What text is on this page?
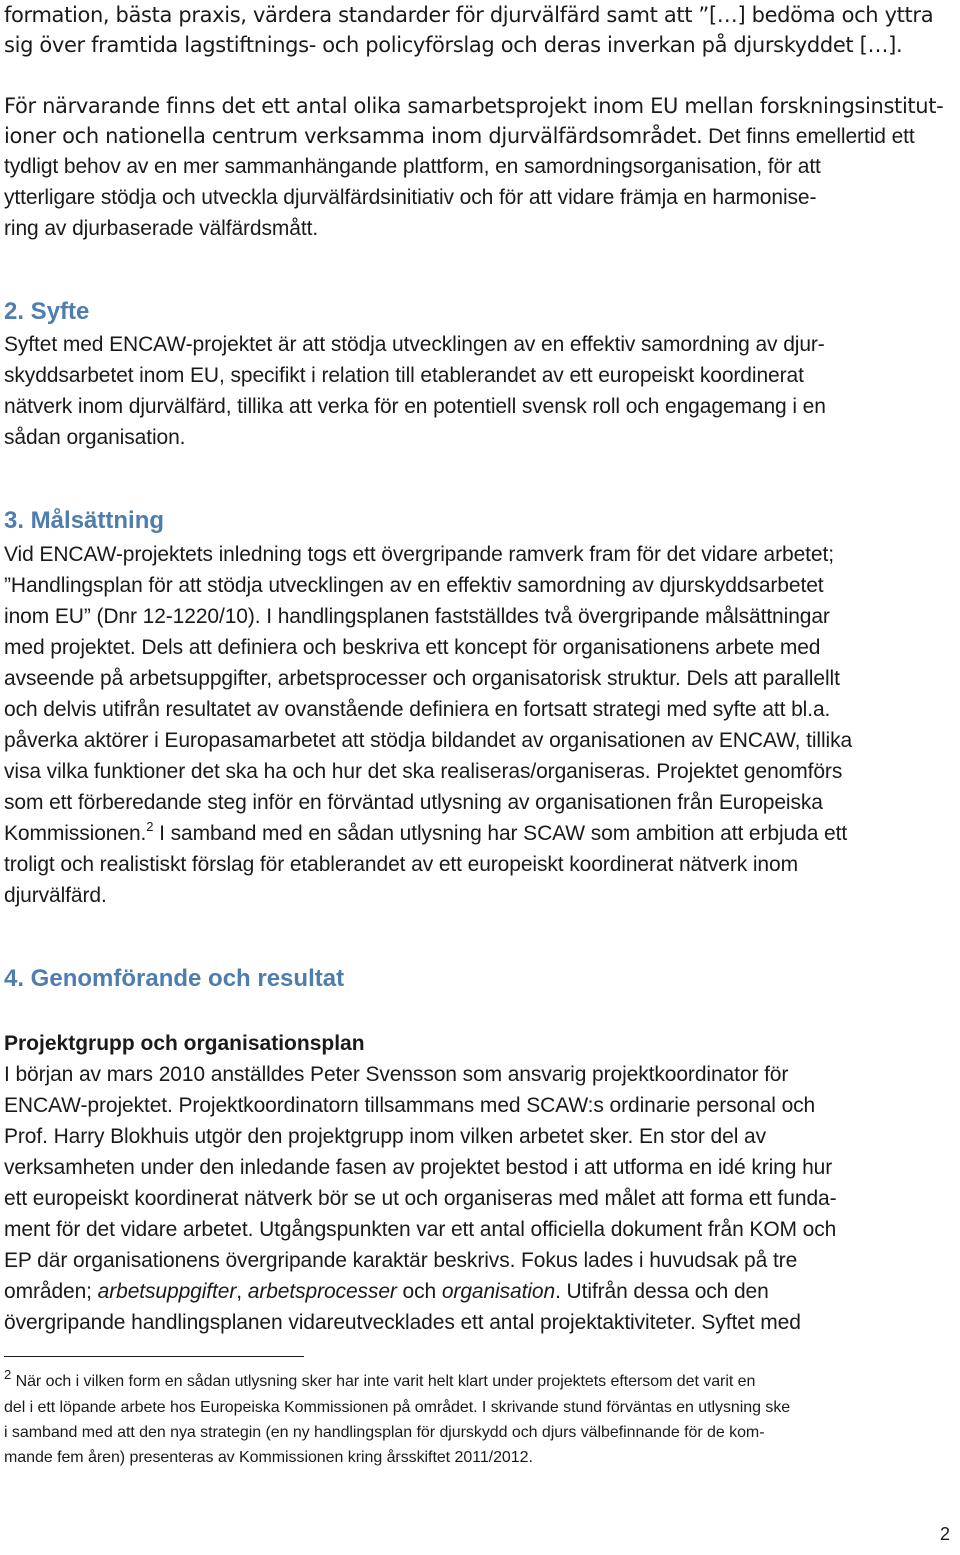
formation, bästa praxis, värdera standarder för djurvälfärd samt att ”[…] bedöma och yttra
sig över framtida lagstiftnings- och policyförslag och deras inverkan på djurskyddet […].
För närvarande finns det ett antal olika samarbetsprojekt inom EU mellan forskningsinstitut-
ioner och nationella centrum verksamma inom djurvälfärdsområdet. Det finns emellertid ett
tydligt behov av en mer sammanhängande plattform, en samordningsorganisation, för att
ytterligare stödja och utveckla djurvälfärdsinitiativ och för att vidare främja en harmonise-
ring av djurbaserade välfärdsmått.
2. Syfte
Syftet med ENCAW-projektet är att stödja utvecklingen av en effektiv samordning av djur-
skyddsarbetet inom EU, specifikt i relation till etablerandet av ett europeiskt koordinerat
nätverk inom djurvälfärd, tillika att verka för en potentiell svensk roll och engagemang i en
sådan organisation.
3. Målsättning
Vid ENCAW-projektets inledning togs ett övergripande ramverk fram för det vidare arbetet;
”Handlingsplan för att stödja utvecklingen av en effektiv samordning av djurskyddsarbetet
inom EU” (Dnr 12-1220/10). I handlingsplanen fastställdes två övergripande målsättningar
med projektet. Dels att definiera och beskriva ett koncept för organisationens arbete med
avseende på arbetsuppgifter, arbetsprocesser och organisatorisk struktur. Dels att parallellt
och delvis utifrån resultatet av ovanstående definiera en fortsatt strategi med syfte att bl.a.
påverka aktörer i Europasamarbetet att stödja bildandet av organisationen av ENCAW, tillika
visa vilka funktioner det ska ha och hur det ska realiseras/organiseras. Projektet genomförs
som ett förberedande steg inför en förväntad utlysning av organisationen från Europeiska
Kommissionen.$^2$ I samband med en sådan utlysning har SCAW som ambition att erbjuda ett
troligt och realistiskt förslag för etablerandet av ett europeiskt koordinerat nätverk inom
djurvälfärd.
4. Genomförande och resultat
Projektgrupp och organisationsplan
I början av mars 2010 anställdes Peter Svensson som ansvarig projektkoordinator för
ENCAW-projektet. Projektkoordinatorn tillsammans med SCAW:s ordinarie personal och
Prof. Harry Blokhuis utgör den projektgrupp inom vilken arbetet sker. En stor del av
verksamheten under den inledande fasen av projektet bestod i att utforma en idé kring hur
ett europeiskt koordinerat nätverk bör se ut och organiseras med målet att forma ett funda-
ment för det vidare arbetet. Utgångspunkten var ett antal officiella dokument från KOM och
EP där organisationens övergripande karaktär beskrivs. Fokus lades i huvudsak på tre
områden; arbetsuppgifter, arbetsprocesser och organisation. Utifrån dessa och den
övergripande handlingsplanen vidareutvecklades ett antal projektaktiviteter. Syftet med
$^2$ När och i vilken form en sådan utlysning sker har inte varit helt klart under projektets eftersom det varit en
del i ett löpande arbete hos Europeiska Kommissionen på området. I skrivande stund förväntas en utlysning ske
i samband med att den nya strategin (en ny handlingsplan för djurskydd och djurs välbefinnande för de kom-
mande fem åren) presenteras av Kommissionen kring årsskiftet 2011/2012.
2
